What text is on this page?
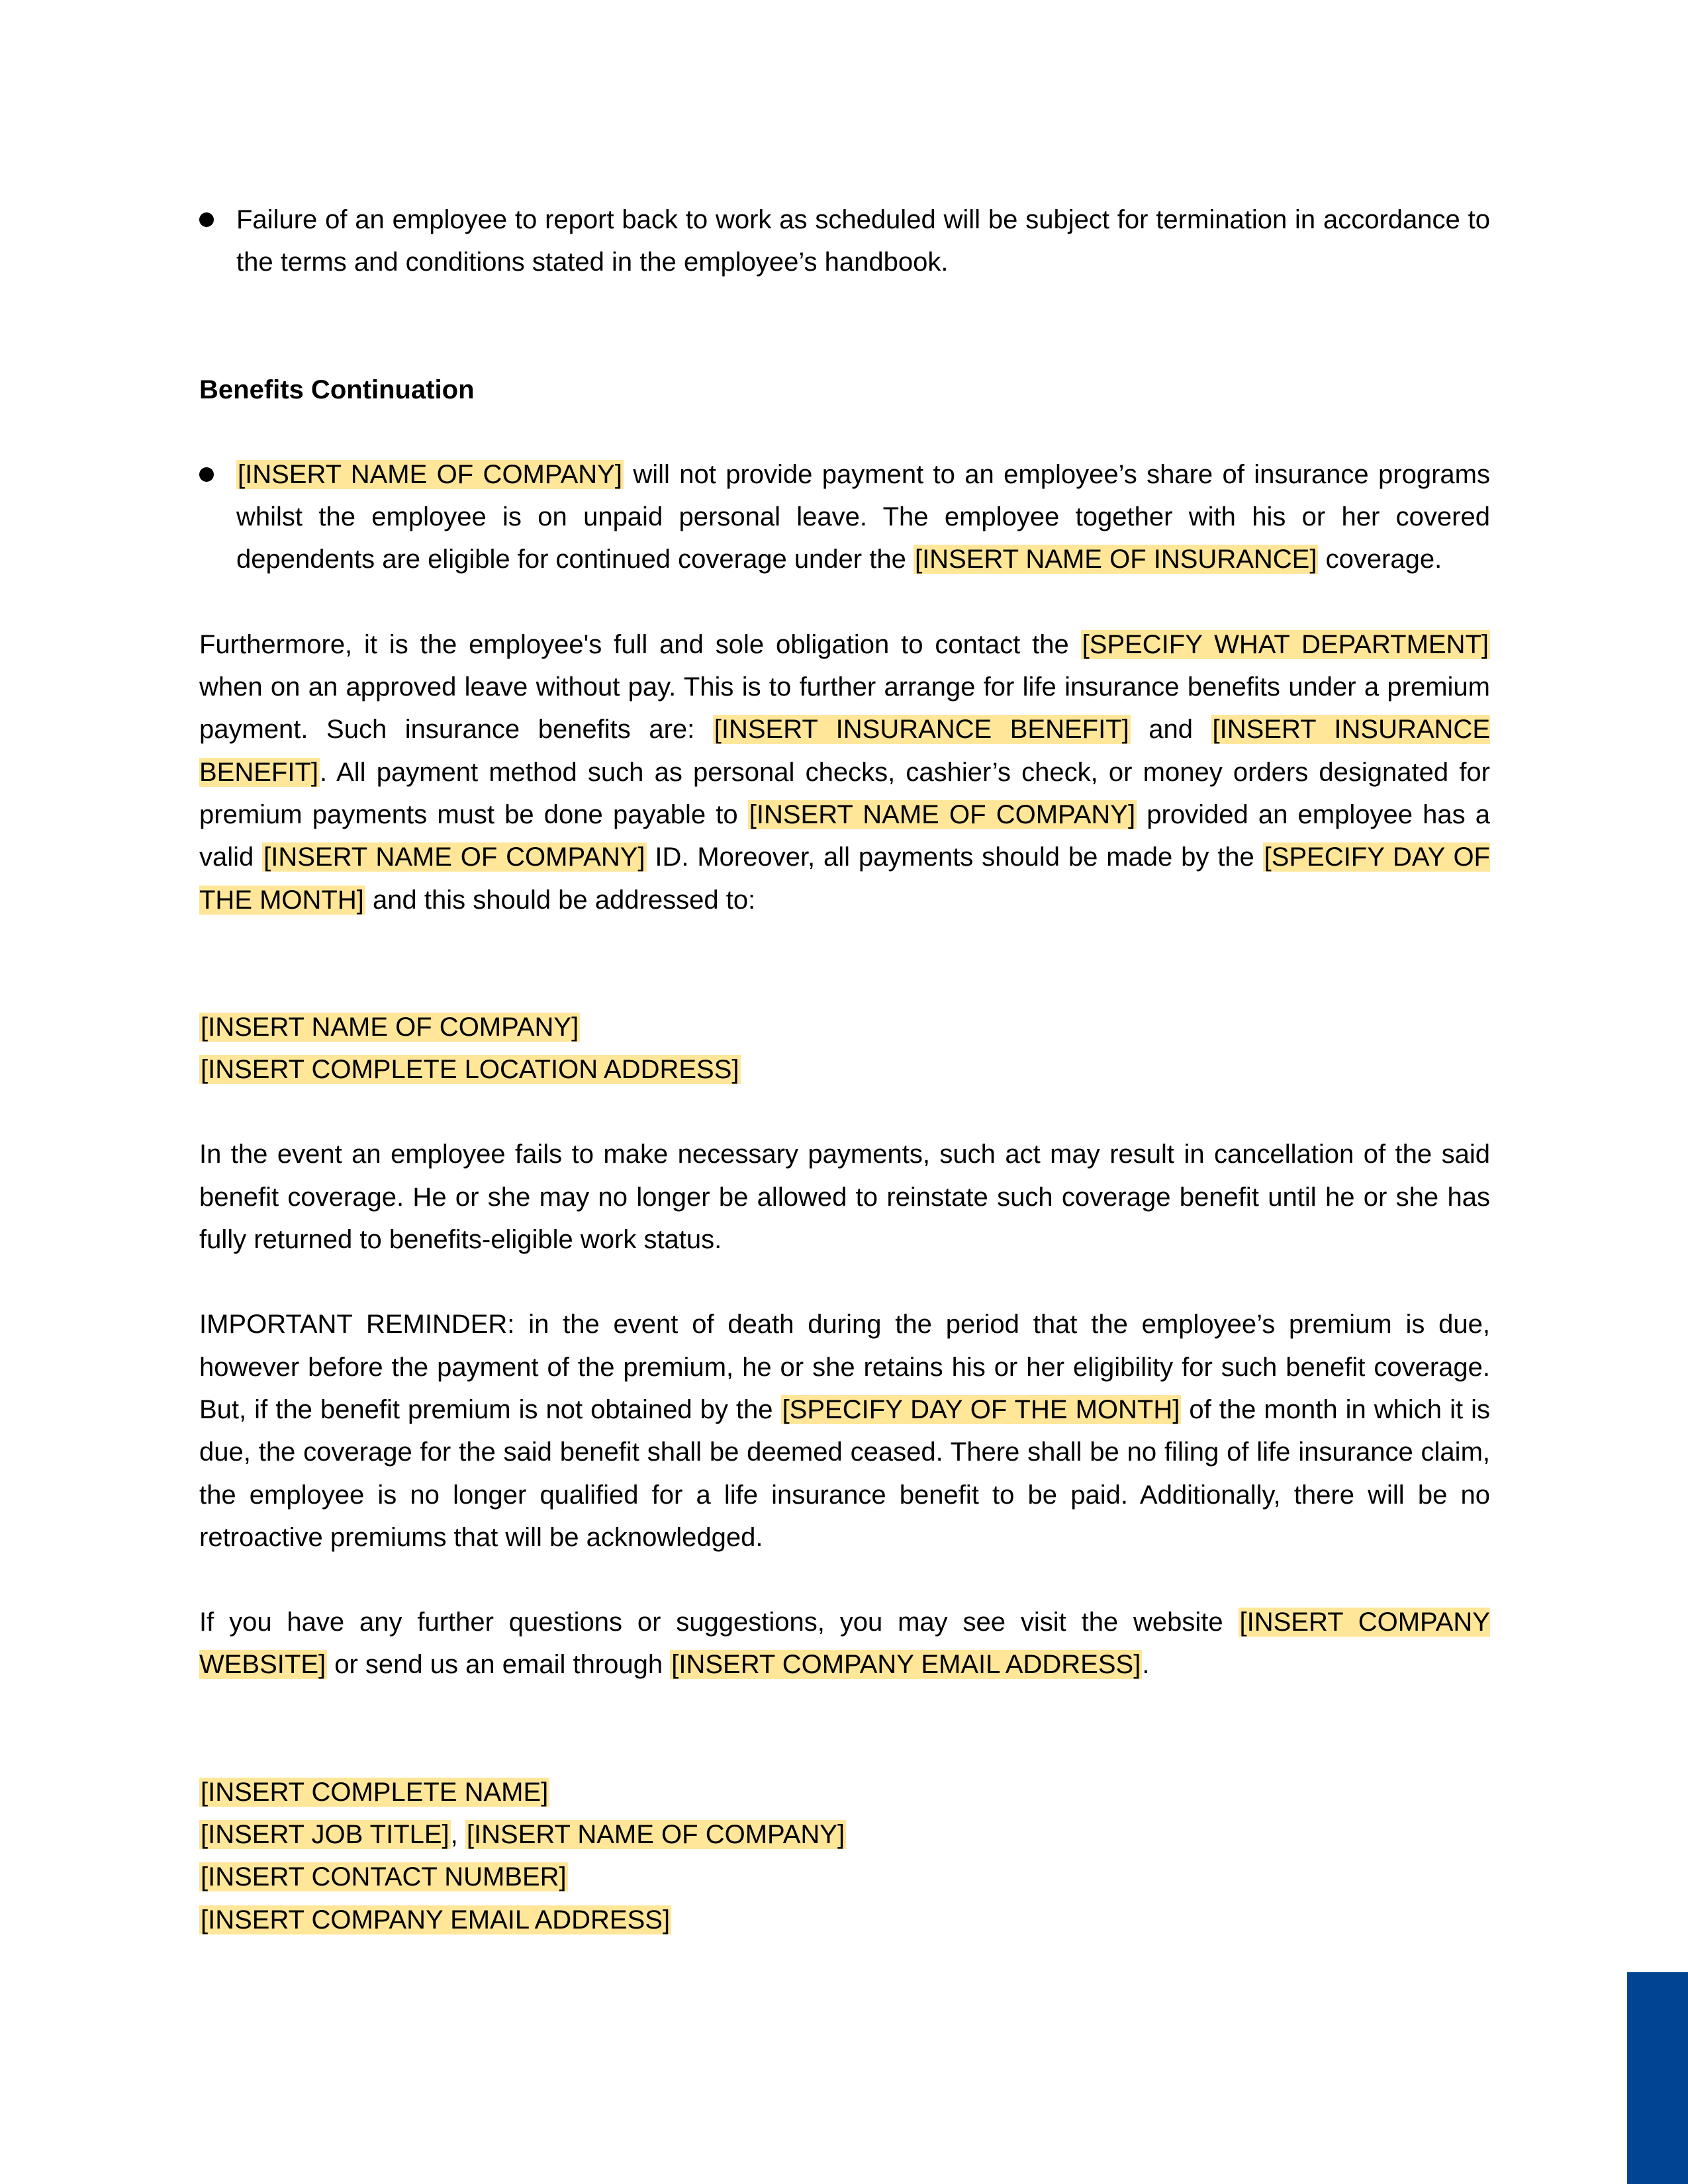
Failure of an employee to report back to work as scheduled will be subject for termination in accordance to the terms and conditions stated in the employee’s handbook.

Benefits Continuation

[INSERT NAME OF COMPANY] will not provide payment to an employee’s share of insurance programs whilst the employee is on unpaid personal leave. The employee together with his or her covered dependents are eligible for continued coverage under the [INSERT NAME OF INSURANCE] coverage.

Furthermore, it is the employee's full and sole obligation to contact the [SPECIFY WHAT DEPARTMENT] when on an approved leave without pay. This is to further arrange for life insurance benefits under a premium payment. Such insurance benefits are: [INSERT INSURANCE BENEFIT] and [INSERT INSURANCE BENEFIT]. All payment method such as personal checks, cashier’s check, or money orders designated for premium payments must be done payable to [INSERT NAME OF COMPANY] provided an employee has a valid [INSERT NAME OF COMPANY] ID. Moreover, all payments should be made by the [SPECIFY DAY OF THE MONTH] and this should be addressed to:

[INSERT NAME OF COMPANY]

[INSERT COMPLETE LOCATION ADDRESS]

In the event an employee fails to make necessary payments, such act may result in cancellation of the said benefit coverage. He or she may no longer be allowed to reinstate such coverage benefit until he or she has fully returned to benefits-eligible work status.

IMPORTANT REMINDER: in the event of death during the period that the employee’s premium is due, however before the payment of the premium, he or she retains his or her eligibility for such benefit coverage. But, if the benefit premium is not obtained by the [SPECIFY DAY OF THE MONTH] of the month in which it is due, the coverage for the said benefit shall be deemed ceased. There shall be no filing of life insurance claim, the employee is no longer qualified for a life insurance benefit to be paid. Additionally, there will be no retroactive premiums that will be acknowledged.

If you have any further questions or suggestions, you may see visit the website [INSERT COMPANY WEBSITE] or send us an email through [INSERT COMPANY EMAIL ADDRESS].

[INSERT COMPLETE NAME]

[INSERT JOB TITLE], [INSERT NAME OF COMPANY]

[INSERT CONTACT NUMBER]

[INSERT COMPANY EMAIL ADDRESS]
